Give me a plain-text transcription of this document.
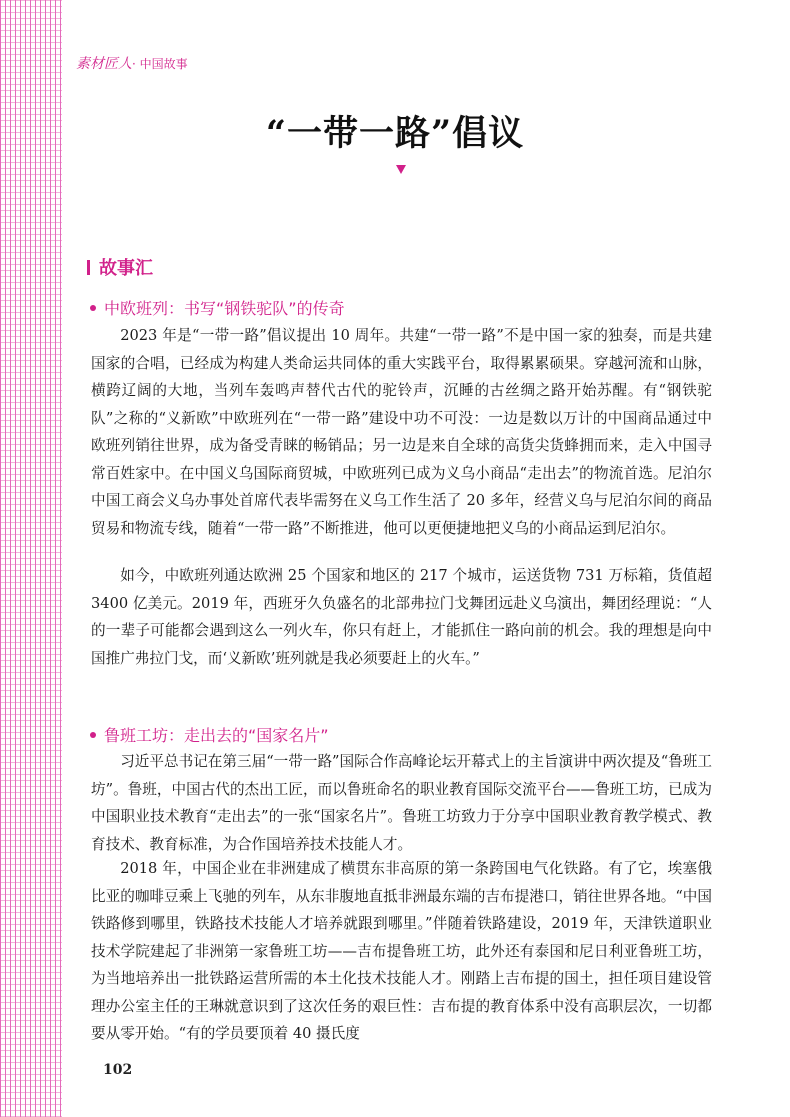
素材匠人· 中国故事
“一带一路”倡议
故事汇
中欧班列：书写“钢铁驼队”的传奇

2023 年是“一带一路”倡议提出 10 周年。共建“一带一路”不是中国一家的独奏，而是共建国家的合唱，已经成为构建人类命运共同体的重大实践平台，取得累累硕果。穿越河流和山脉，横跨辽阔的大地，当列车轰鸣声替代古代的驼铃声，沉睡的古丝绸之路开始苏醒。有“钢铁驼队”之称的“义新欧”中欧班列在“一带一路”建设中功不可没：一边是数以万计的中国商品通过中欧班列销往世界，成为备受青睐的畅销品；另一边是来自全球的高货尖货蜂拥而来，走入中国寻常百姓家中。在中国义乌国际商贸城，中欧班列已成为义乌小商品“走出去”的物流首选。尼泊尔中国工商会义乌办事处首席代表毕需努在义乌工作生活了 20 多年，经营义乌与尼泊尔间的商品贸易和物流专线，随着“一带一路”不断推进，他可以更便捷地把义乌的小商品运到尼泊尔。

如今，中欧班列通达欧洲 25 个国家和地区的 217 个城市，运送货物 731 万标箱，货值超 3400 亿美元。2019 年，西班牙久负盛名的北部弗拉门戈舞团远赴义乌演出，舞团经理说：“人的一辈子可能都会遇到这么一列火车，你只有赶上，才能抓住一路向前的机会。我的理想是向中国推广弗拉门戈，而‘义新欧’班列就是我必须要赶上的火车。”

鲁班工坊：走出去的“国家名片”

习近平总书记在第三届“一带一路”国际合作高峰论坛开幕式上的主旨演讲中两次提及“鲁班工坊”。鲁班，中国古代的杰出工匠，而以鲁班命名的职业教育国际交流平台——鲁班工坊，已成为中国职业技术教育“走出去”的一张“国家名片”。鲁班工坊致力于分享中国职业教育教学模式、教育技术、教育标准，为合作国培养技术技能人才。

2018 年，中国企业在非洲建成了横贯东非高原的第一条跨国电气化铁路。有了它，埃塞俄比亚的咖啡豆乘上飞驰的列车，从东非腹地直抵非洲最东端的吉布提港口，销往世界各地。“中国铁路修到哪里，铁路技术技能人才培养就跟到哪里。”伴随着铁路建设，2019 年，天津铁道职业技术学院建起了非洲第一家鲁班工坊——吉布提鲁班工坊，此外还有泰国和尼日利亚鲁班工坊，为当地培养出一批铁路运营所需的本土化技术技能人才。刚踏上吉布提的国土，担任项目建设管理办公室主任的王琳就意识到了这次任务的艰巨性：吉布提的教育体系中没有高职层次，一切都要从零开始。“有的学员要顶着 40 摄氏度

102
